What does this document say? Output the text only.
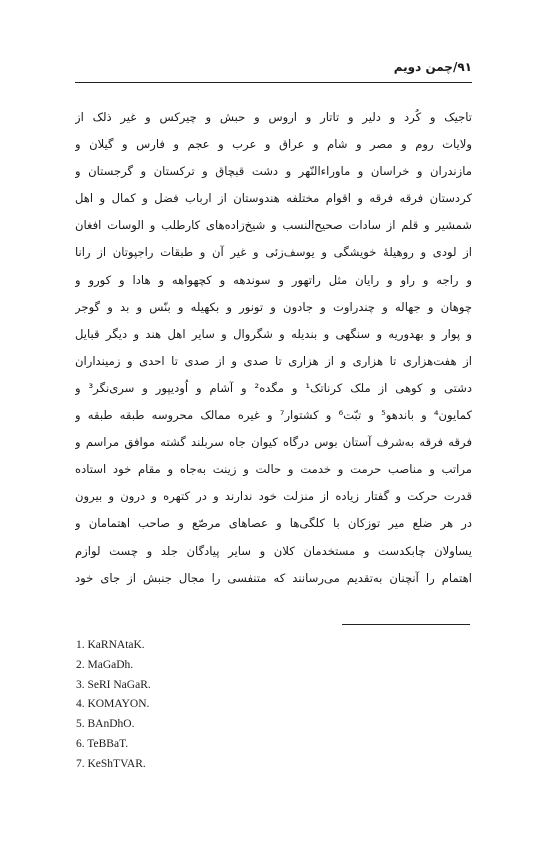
۹۱/چمن دویم
تاجیک و کُرد و دلیر و تاتار و اروس و حبش و چیرکس و غیر ذلک از
ولایات روم و مصر و شام و عراق و عرب و عجم و فارس و گیلان و
مازندران و خراسان و ماوراءالنّهر و دشت قبچاق و ترکستان و گرجستان و
کردستان فرقه فرقه و اقوام مختلفه هندوستان از ارباب فضل و کمال و اهل
شمشیر و قلم از سادات صحیح‌النسب و شیخ‌زاده‌های کارطلب و الوسات افغان
از لودی و روهیلهٔ خویشگی و یوسف‌زئی و غیر آن و طبقات راجپوتان از رانا
و راجه و راو و رایان مثل راتهور و سوندهه و کچهواهه و هادا و کورو و
چوهان و جهاله و چندراوت و جادون و تونور و بکهیله و بنّس و بد و گوجر
و پوار و بهدوریه و سنگهی و بندیله و شگروال و سایر اهل هند و دیگر قبایل
از هفت‌هزاری تا هزاری و از هزاری تا صدی و از صدی تا احدی و زمینداران
دشتی و کوهی از ملک کرناتک¹ و مگده² و آشام و اُودیپور و سری‌نگر³ و
کمایون⁴ و باندهو⁵ و تبّت⁶ و کشتوار⁷ و غیره ممالک محروسه طبقه طبقه و
فرقه فرقه به‌شرف آستان بوس درگاه کیوان جاه سربلند گشته موافق مراسم و
مراتب و مناصب حرمت و خدمت و حالت و زینت به‌جاه و مقام خود استاده
قدرت حرکت و گفتار زیاده از منزلت خود ندارند و در کتهره و درون و بیرون
در هر ضلع میر توزکان با کلگی‌ها و عصاهای مرصّع و صاحب اهتمامان و
یساولان چابکدست و مستخدمان کلان و سایر پیادگان جلد و چست لوازم
اهتمام را آنچنان به‌تقدیم می‌رسانند که متنفسی را مجال جنبش از جای خود
1. KaRNAtaK.
2. MaGaDh.
3. SeRI NaGaR.
4. KOMAYON.
5. BAnDhO.
6. TeBBaT.
7. KeShTVAR.
